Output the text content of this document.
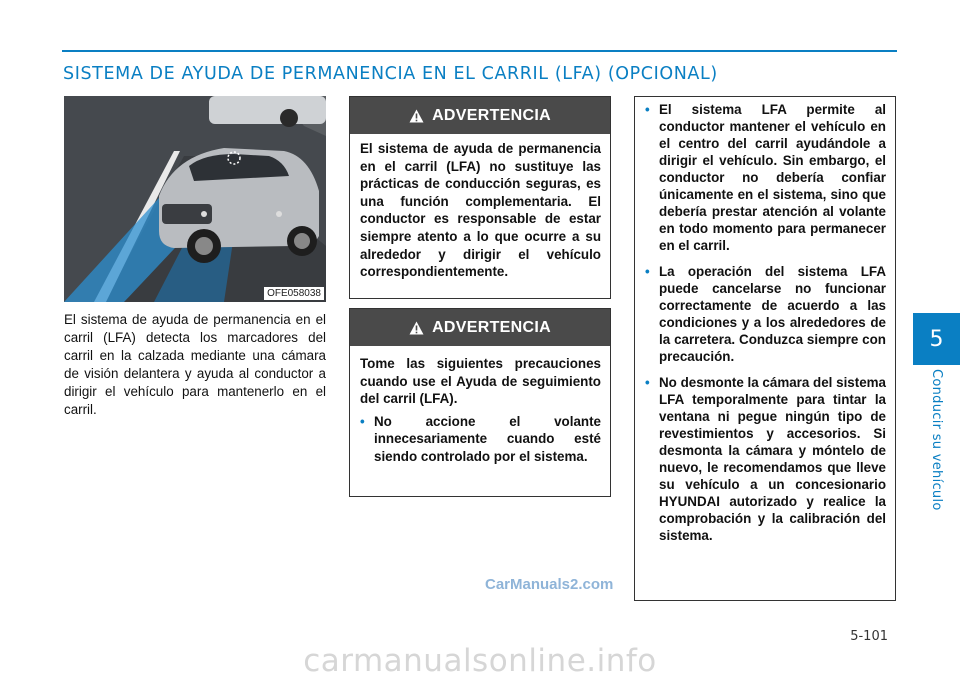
SISTEMA DE AYUDA DE PERMANENCIA EN EL CARRIL (LFA) (OPCIONAL)
5
Conducir su vehículo
OFE058038

El sistema de ayuda de permanencia en el carril (LFA) detecta los marcadores del carril en la calzada mediante una cámara de visión delantera y ayuda al conductor a dirigir el vehículo para mantenerlo en el carril.

ADVERTENCIA

El sistema de ayuda de permanencia en el carril (LFA) no sustituye las prácticas de conducción seguras, es una función complementaria. El conductor es responsable de estar siempre atento a lo que ocurre a su alrededor y dirigir el vehículo correspondientemente.

ADVERTENCIA

Tome las siguientes precauciones cuando use el Ayuda de seguimiento del carril (LFA).

• No accione el volante innecesariamente cuando esté siendo controlado por el sistema.
• El sistema LFA permite al conductor mantener el vehículo en el centro del carril ayudándole a dirigir el vehículo. Sin embargo, el conductor no debería confiar únicamente en el sistema, sino que debería prestar atención al volante en todo momento para permanecer en el carril.
• La operación del sistema LFA puede cancelarse no funcionar correctamente de acuerdo a las condiciones y a los alrededores de la carretera. Conduzca siempre con precaución.
• No desmonte la cámara del sistema LFA temporalmente para tintar la ventana ni pegue ningún tipo de revestimientos y accesorios. Si desmonta la cámara y móntelo de nuevo, le recomendamos que lleve su vehículo a un concesionario HYUNDAI autorizado y realice la comprobación y la calibración del sistema.
CarManuals2.com
5-101
carmanualsonline.info
